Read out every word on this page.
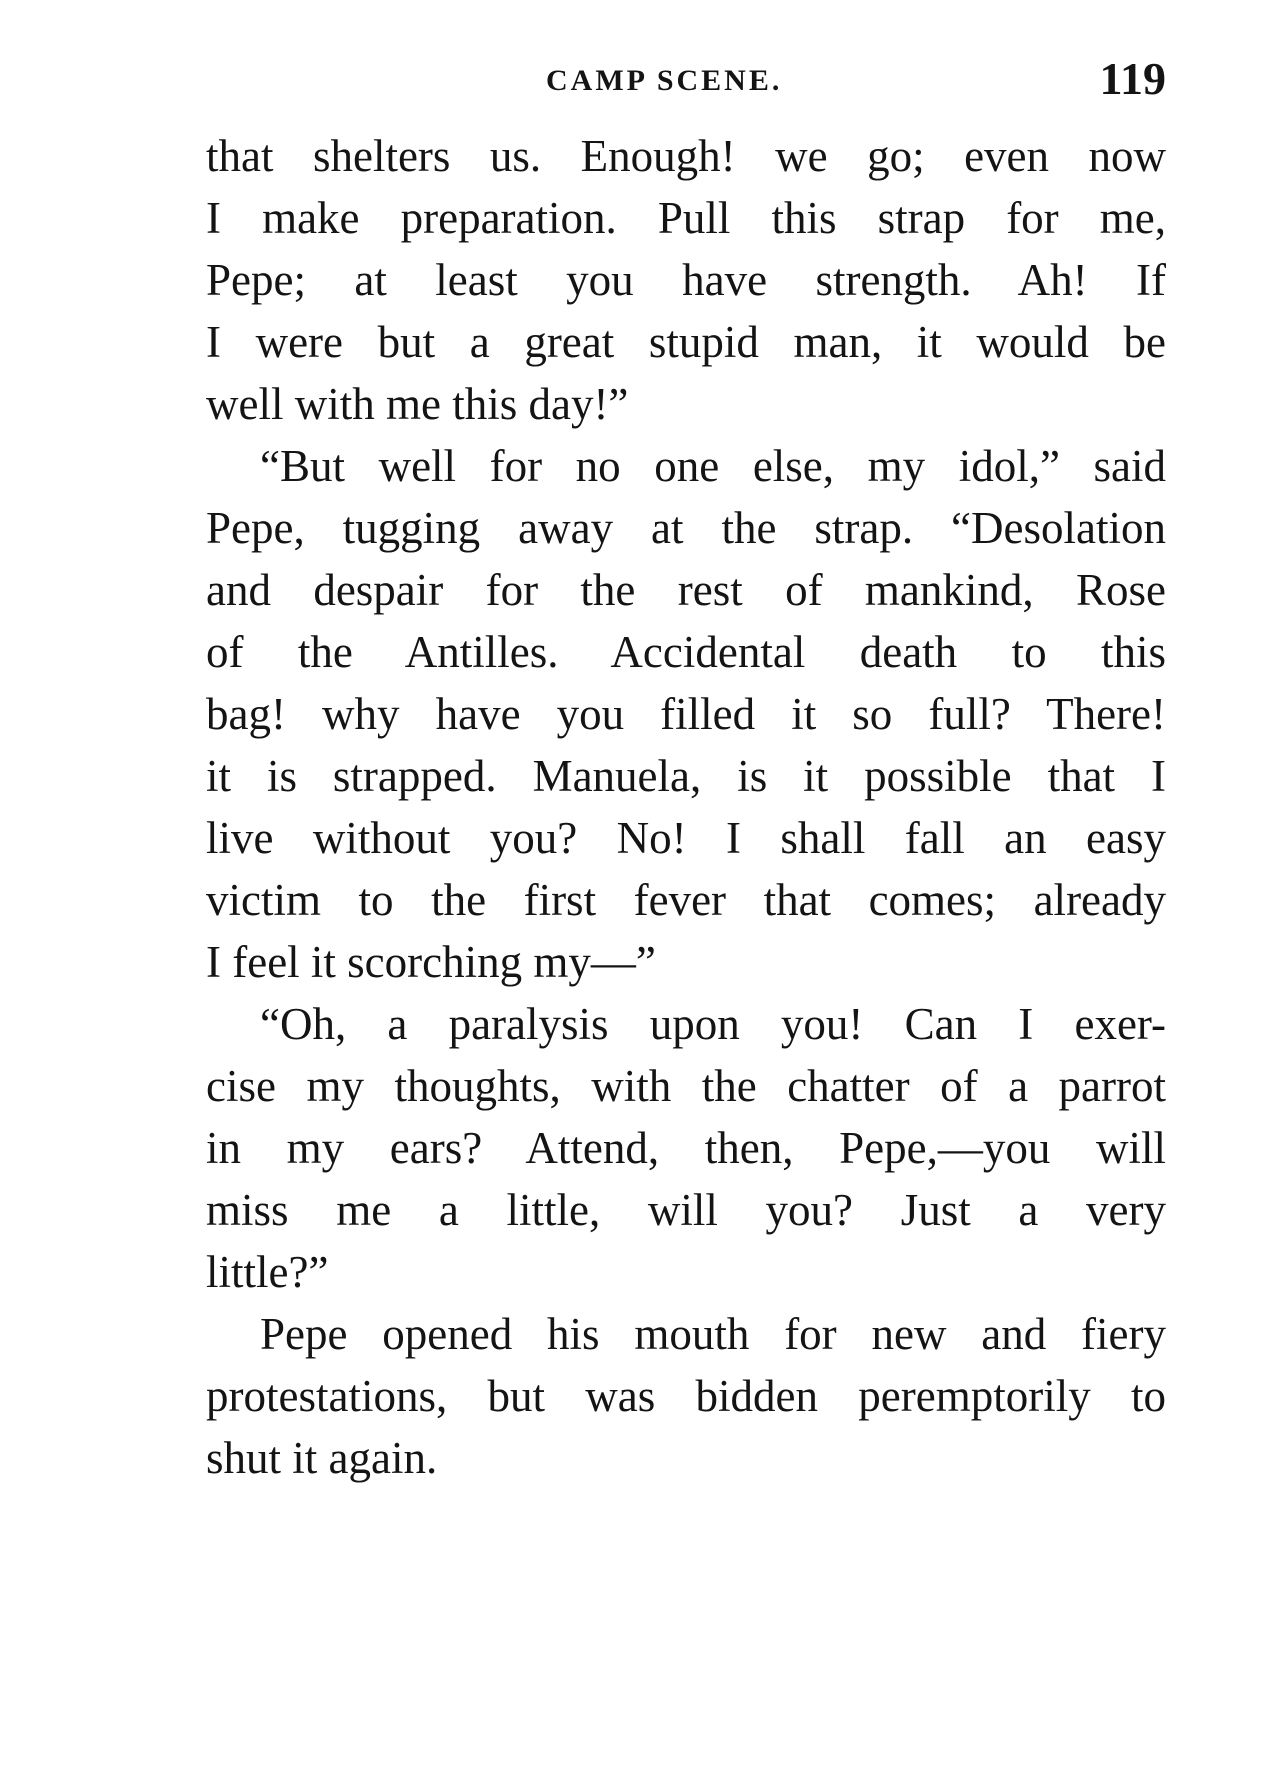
CAMP SCENE.	119
that shelters us. Enough! we go; even now
I make preparation. Pull this strap for me,
Pepe; at least you have strength. Ah! If
I were but a great stupid man, it would be
well with me this day!”
“But well for no one else, my idol,” said
Pepe, tugging away at the strap. “Desolation
and despair for the rest of mankind, Rose
of the Antilles. Accidental death to this
bag! why have you filled it so full? There!
it is strapped. Manuela, is it possible that I
live without you? No! I shall fall an easy
victim to the first fever that comes; already
I feel it scorching my—”
“Oh, a paralysis upon you! Can I exer-
cise my thoughts, with the chatter of a parrot
in my ears? Attend, then, Pepe,—you will
miss me a little, will you? Just a very
little?”
Pepe opened his mouth for new and fiery
protestations, but was bidden peremptorily to
shut it again.
